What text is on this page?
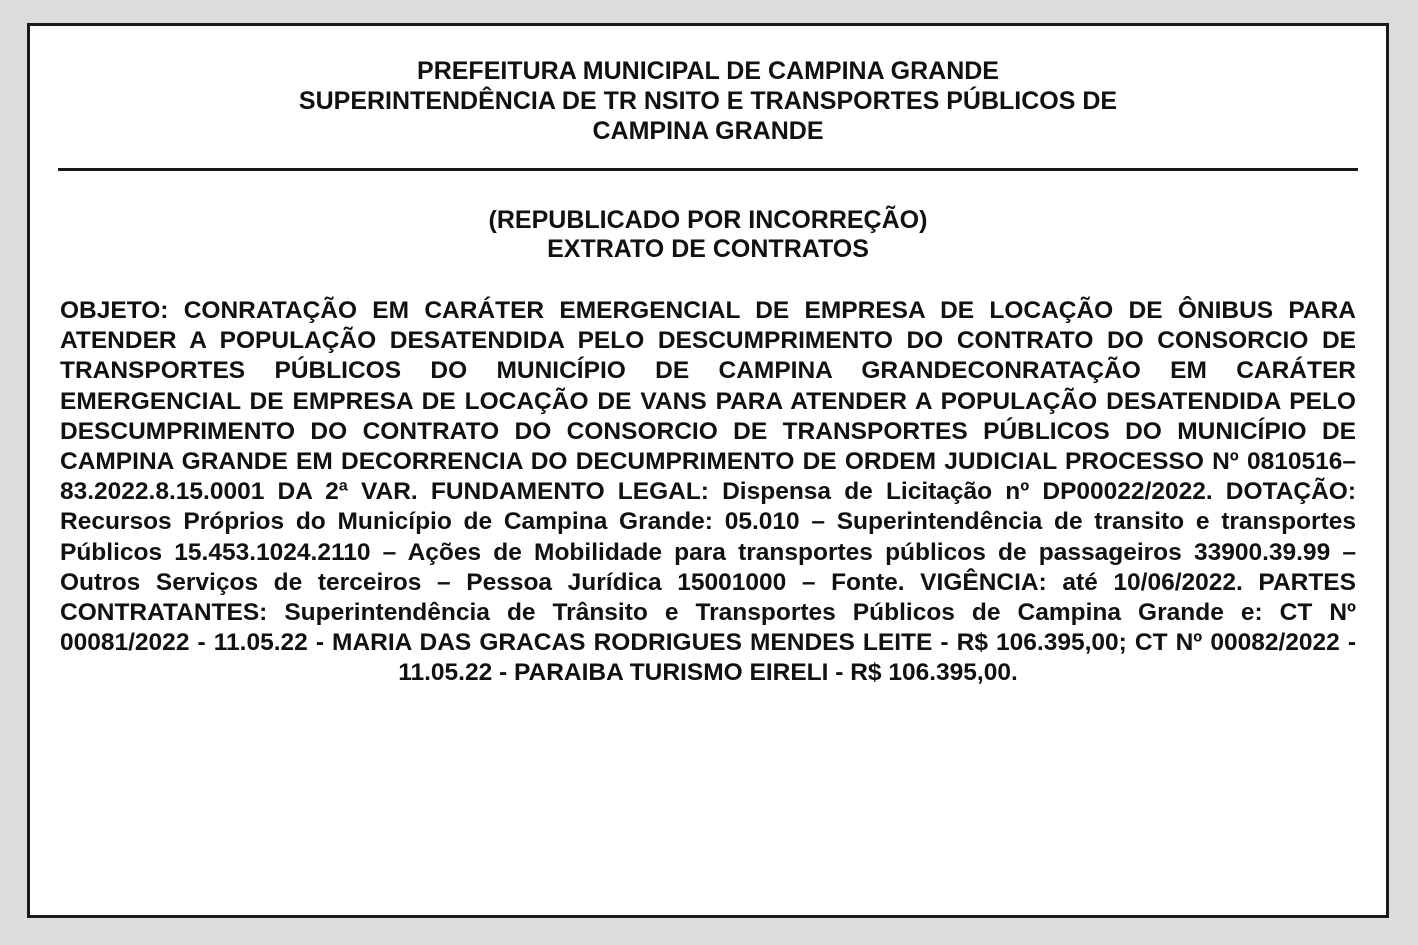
PREFEITURA MUNICIPAL DE CAMPINA GRANDE
SUPERINTENDÊNCIA DE TR NSITO E TRANSPORTES PÚBLICOS DE
CAMPINA GRANDE
(REPUBLICADO POR INCORREÇÃO)
EXTRATO DE CONTRATOS
OBJETO: CONRATAÇÃO EM CARÁTER EMERGENCIAL DE EMPRESA DE LOCAÇÃO DE ÔNIBUS PARA ATENDER A POPULAÇÃO DESATENDIDA PELO DESCUMPRIMENTO DO CONTRATO DO CONSORCIO DE TRANSPORTES PÚBLICOS DO MUNICÍPIO DE CAMPINA GRANDECONRATAÇÃO EM CARÁTER EMERGENCIAL DE EMPRESA DE LOCAÇÃO DE VANS PARA ATENDER A POPULAÇÃO DESATENDIDA PELO DESCUMPRIMENTO DO CONTRATO DO CONSORCIO DE TRANSPORTES PÚBLICOS DO MUNICÍPIO DE CAMPINA GRANDE EM DECORRENCIA DO DECUMPRIMENTO DE ORDEM JUDICIAL PROCESSO Nº 0810516–83.2022.8.15.0001 DA 2ª VAR. FUNDAMENTO LEGAL: Dispensa de Licitação nº DP00022/2022. DOTAÇÃO: Recursos Próprios do Município de Campina Grande: 05.010 – Superintendência de transito e transportes Públicos 15.453.1024.2110 – Ações de Mobilidade para transportes públicos de passageiros 33900.39.99 – Outros Serviços de terceiros – Pessoa Jurídica 15001000 – Fonte. VIGÊNCIA: até 10/06/2022. PARTES CONTRATANTES: Superintendência de Trânsito e Transportes Públicos de Campina Grande e: CT Nº 00081/2022 - 11.05.22 - MARIA DAS GRACAS RODRIGUES MENDES LEITE - R$ 106.395,00; CT Nº 00082/2022 - 11.05.22 - PARAIBA TURISMO EIRELI - R$ 106.395,00.
